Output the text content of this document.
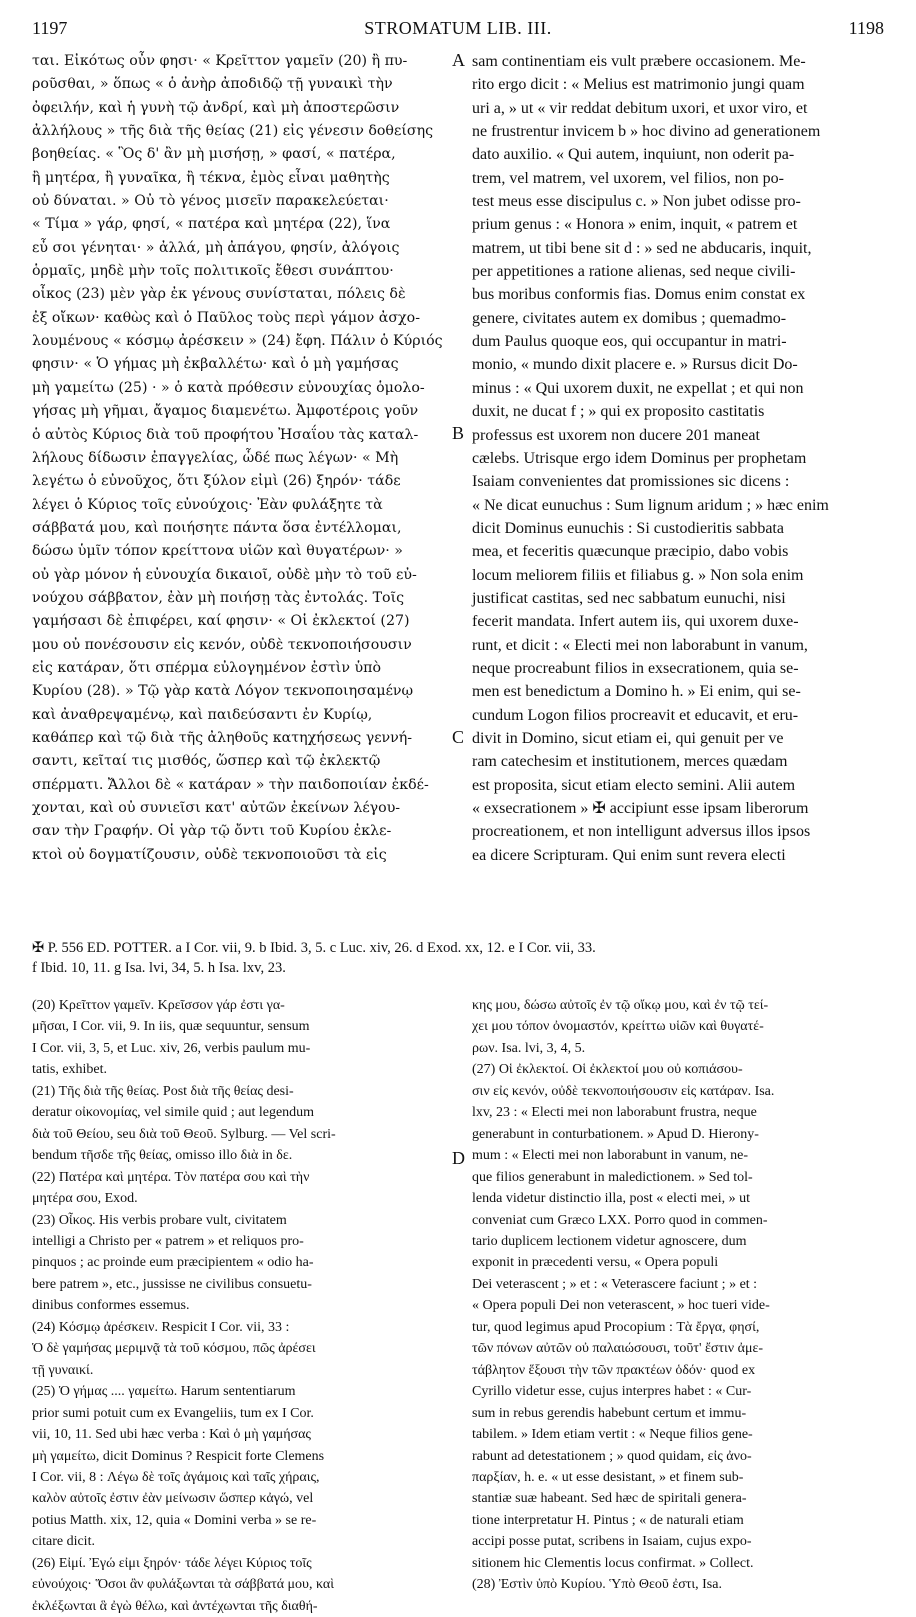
1197	STROMATUM LIB. III.	1198
ται. Εἰκότως οὖν φησι· « Κρεῖττον γαμεῖν (20) ἢ πυ-
ροῦσθαι, » ὅπως « ὁ ἀνὴρ ἀποδιδῷ τῇ γυναικὶ τὴν
ὀφειλήν, καὶ ἡ γυνὴ τῷ ἀνδρί, καὶ μὴ ἀποστερῶσιν
ἀλλήλους » τῆς διὰ τῆς θείας (21) εἰς γένεσιν δοθείσης
βοηθείας. « Ὃς δ' ἂν μὴ μισήσῃ, » φασί, « πατέρα,
ἢ μητέρα, ἢ γυναῖκα, ἢ τέκνα, ἐμὸς εἶναι μαθητὴς
οὐ δύναται. » Οὐ τὸ γένος μισεῖν παρακελεύεται·
« Τίμα » γάρ, φησί, « πατέρα καὶ μητέρα (22), ἵνα
εὖ σοι γένηται· » ἀλλά, μὴ ἀπάγου, φησίν, ἀλόγοις
ὁρμαῖς, μηδὲ μὴν τοῖς πολιτικοῖς ἔθεσι συνάπτου·
οἶκος (23) μὲν γὰρ ἐκ γένους συνίσταται, πόλεις δὲ
ἐξ οἴκων· καθὼς καὶ ὁ Παῦλος τοὺς περὶ γάμον ἀσχο-
λουμένους « κόσμῳ ἀρέσκειν » (24) ἔφη. Πάλιν ὁ Κύριός
φησιν· « Ὁ γήμας μὴ ἐκβαλλέτω· καὶ ὁ μὴ γαμήσας
μὴ γαμείτω (25) · » ὁ κατὰ πρόθεσιν εὐνουχίας ὁμολο-
γήσας μὴ γῆμαι, ἄγαμος διαμενέτω. Ἀμφοτέροις γοῦν
ὁ αὐτὸς Κύριος διὰ τοῦ προφήτου Ἠσαΐου τὰς καταλ-
λήλους δίδωσιν ἐπαγγελίας, ὧδέ πως λέγων· « Μὴ
λεγέτω ὁ εὐνοῦχος, ὅτι ξύλον εἰμὶ (26) ξηρόν· τάδε
λέγει ὁ Κύριος τοῖς εὐνούχοις· Ἐὰν φυλάξητε τὰ
σάββατά μου, καὶ ποιήσητε πάντα ὅσα ἐντέλλομαι,
δώσω ὑμῖν τόπον κρείττονα υἱῶν καὶ θυγατέρων· »
οὐ γὰρ μόνον ἡ εὐνουχία δικαιοῖ, οὐδὲ μὴν τὸ τοῦ εὐ-
νούχου σάββατον, ἐὰν μὴ ποιήσῃ τὰς ἐντολάς. Τοῖς
γαμήσασι δὲ ἐπιφέρει, καί φησιν· « Οἱ ἐκλεκτοί (27)
μου οὐ πονέσουσιν εἰς κενόν, οὐδὲ τεκνοποιήσουσιν
εἰς κατάραν, ὅτι σπέρμα εὐλογημένον ἐστὶν ὑπὸ
Κυρίου (28). » Τῷ γὰρ κατὰ Λόγον τεκνοποιησαμένῳ
καὶ ἀναθρεψαμένῳ, καὶ παιδεύσαντι ἐν Κυρίῳ,
καθάπερ καὶ τῷ διὰ τῆς ἀληθοῦς κατηχήσεως γεννή-
σαντι, κεῖταί τις μισθός, ὥσπερ καὶ τῷ ἐκλεκτῷ
σπέρματι. Ἄλλοι δὲ « κατάραν » τὴν παιδοποιίαν ἐκδέ-
χονται, καὶ οὐ συνιεῖσι κατ' αὐτῶν ἐκείνων λέγου-
σαν τὴν Γραφήν. Οἱ γὰρ τῷ ὄντι τοῦ Κυρίου ἐκλε-
κτοὶ οὐ δογματίζουσιν, οὐδὲ τεκνοποιοῦσι τὰ εἰς
sam continentiam eis vult præbere occasionem. Me-
rito ergo dicit : « Melius est matrimonio jungi quam
uri a, » ut « vir reddat debitum uxori, et uxor viro, et
ne frustrentur invicem b » hoc divino ad generationem
dato auxilio. « Qui autem, inquiunt, non oderit pa-
trem, vel matrem, vel uxorem, vel filios, non po-
test meus esse discipulus c. » Non jubet odisse pro-
prium genus : « Honora » enim, inquit, « patrem et
matrem, ut tibi bene sit d : » sed ne abducaris, inquit,
per appetitiones a ratione alienas, sed neque civili-
bus moribus conformis fias. Domus enim constat ex
genere, civitates autem ex domibus ; quemadmo-
dum Paulus quoque eos, qui occupantur in matri-
monio, « mundo dixit placere e. » Rursus dicit Do-
minus : « Qui uxorem duxit, ne expellat ; et qui non
duxit, ne ducat f ; » qui ex proposito castitatis
professus est uxorem non ducere 201 maneat
cælebs. Utrisque ergo idem Dominus per prophetam
Isaiam convenientes dat promissiones sic dicens :
« Ne dicat eunuchus : Sum lignum aridum ; » hæc enim
dicit Dominus eunuchis : Si custodieritis sabbata
mea, et feceritis quæcunque præcipio, dabo vobis
locum meliorem filiis et filiabus g. » Non sola enim
justificat castitas, sed nec sabbatum eunuchi, nisi
fecerit mandata. Infert autem iis, qui uxorem duxe-
runt, et dicit : « Electi mei non laborabunt in vanum,
neque procreabunt filios in exsecrationem, quia se-
men est benedictum a Domino h. » Ei enim, qui se-
cundum Logon filios procreavit et educavit, et eru-
divit in Domino, sicut etiam ei, qui genuit per ve
ram catechesim et institutionem, merces quædam
est proposita, sicut etiam electo semini. Alii autem
« exsecrationem » ✠ accipiunt esse ipsam liberorum
procreationem, et non intelligunt adversus illos ipsos
ea dicere Scripturam. Qui enim sunt revera electi
A
B
C
D
✠ P. 556 ED. POTTER. a I Cor. vii, 9. b Ibid. 3, 5. c Luc. xiv, 26. d Exod. xx, 12. e I Cor. vii, 33.
f Ibid. 10, 11. g Isa. lvi, 34, 5. h Isa. lxv, 23.
(20) Κρεῖττον γαμεῖν. Κρεῖσσον γάρ ἐστι γα-
μῆσαι, I Cor. vii, 9. In iis, quæ sequuntur, sensum
I Cor. vii, 3, 5, et Luc. xiv, 26, verbis paulum mu-
tatis, exhibet.
(21) Τῆς διὰ τῆς θείας. Post διὰ τῆς θείας desi-
deratur οἰκονομίας, vel simile quid ; aut legendum
διὰ τοῦ Θείου, seu διὰ τοῦ Θεοῦ. Sylburg. — Vel scri-
bendum τῆσδε τῆς θείας, omisso illo διὰ in δε.
(22) Πατέρα καὶ μητέρα. Τὸν πατέρα σου καὶ τὴν
μητέρα σου, Exod.
(23) Οἶκος. His verbis probare vult, civitatem
intelligi a Christo per « patrem » et reliquos pro-
pinquos ; ac proinde eum præcipientem « odio ha-
bere patrem », etc., jussisse ne civilibus consuetu-
dinibus conformes essemus.
(24) Κόσμῳ ἀρέσκειν. Respicit I Cor. vii, 33 :
Ὁ δὲ γαμήσας μεριμνᾷ τὰ τοῦ κόσμου, πῶς ἀρέσει
τῇ γυναικί.
(25) Ὁ γήμας .... γαμείτω. Harum sententiarum
prior sumi potuit cum ex Evangeliis, tum ex I Cor.
vii, 10, 11. Sed ubi hæc verba : Καὶ ὁ μὴ γαμήσας
μὴ γαμείτω, dicit Dominus ? Respicit forte Clemens
I Cor. vii, 8 : Λέγω δὲ τοῖς ἀγάμοις καὶ ταῖς χήραις,
καλὸν αὐτοῖς ἐστιν ἐὰν μείνωσιν ὥσπερ κἀγώ, vel
potius Matth. xix, 12, quia « Domini verba » se re-
citare dicit.
(26) Εἰμί. Ἐγώ εἰμι ξηρόν· τάδε λέγει Κύριος τοῖς
εὐνούχοις· Ὅσοι ἂν φυλάξωνται τὰ σάββατά μου, καὶ
ἐκλέξωνται ἃ ἐγὼ θέλω, καὶ ἀντέχωνται τῆς διαθή-
κης μου, δώσω αὐτοῖς ἐν τῷ οἴκῳ μου, καὶ ἐν τῷ τεί-
χει μου τόπον ὀνομαστόν, κρείττω υἱῶν καὶ θυγατέ-
ρων. Isa. lvi, 3, 4, 5.
(27) Οἱ ἐκλεκτοί. Οἱ ἐκλεκτοί μου οὐ κοπιάσου-
σιν εἰς κενόν, οὐδὲ τεκνοποιήσουσιν εἰς κατάραν. Isa.
lxv, 23 : « Electi mei non laborabunt frustra, neque
generabunt in conturbationem. » Apud D. Hierony-
mum : « Electi mei non laborabunt in vanum, ne-
que filios generabunt in maledictionem. » Sed tol-
lenda videtur distinctio illa, post « electi mei, » ut
conveniat cum Græco LXX. Porro quod in commen-
tario duplicem lectionem videtur agnoscere, dum
exponit in præcedenti versu, « Opera populi
Dei veterascent ; » et : « Veterascere faciunt ; » et :
« Opera populi Dei non veterascent, » hoc tueri vide-
tur, quod legimus apud Procopium : Τὰ ἔργα, φησί,
τῶν πόνων αὐτῶν οὐ παλαιώσουσι, τοῦτ' ἔστιν ἀμε-
τάβλητον ἕξουσι τὴν τῶν πρακτέων ὁδόν· quod ex
Cyrillo videtur esse, cujus interpres habet : « Cur-
sum in rebus gerendis habebunt certum et immu-
tabilem. » Idem etiam vertit : « Neque filios gene-
rabunt ad detestationem ; » quod quidam, εἰς ἀνο-
παρξίαν, h. e. « ut esse desistant, » et finem sub-
stantiæ suæ habeant. Sed hæc de spiritali genera-
tione interpretatur H. Pintus ; « de naturali etiam
accipi posse putat, scribens in Isaiam, cujus expo-
sitionem hic Clementis locus confirmat. » Collect.
(28) Ἐστὶν ὑπὸ Κυρίου. Ὑπὸ Θεοῦ ἐστι, Isa.
